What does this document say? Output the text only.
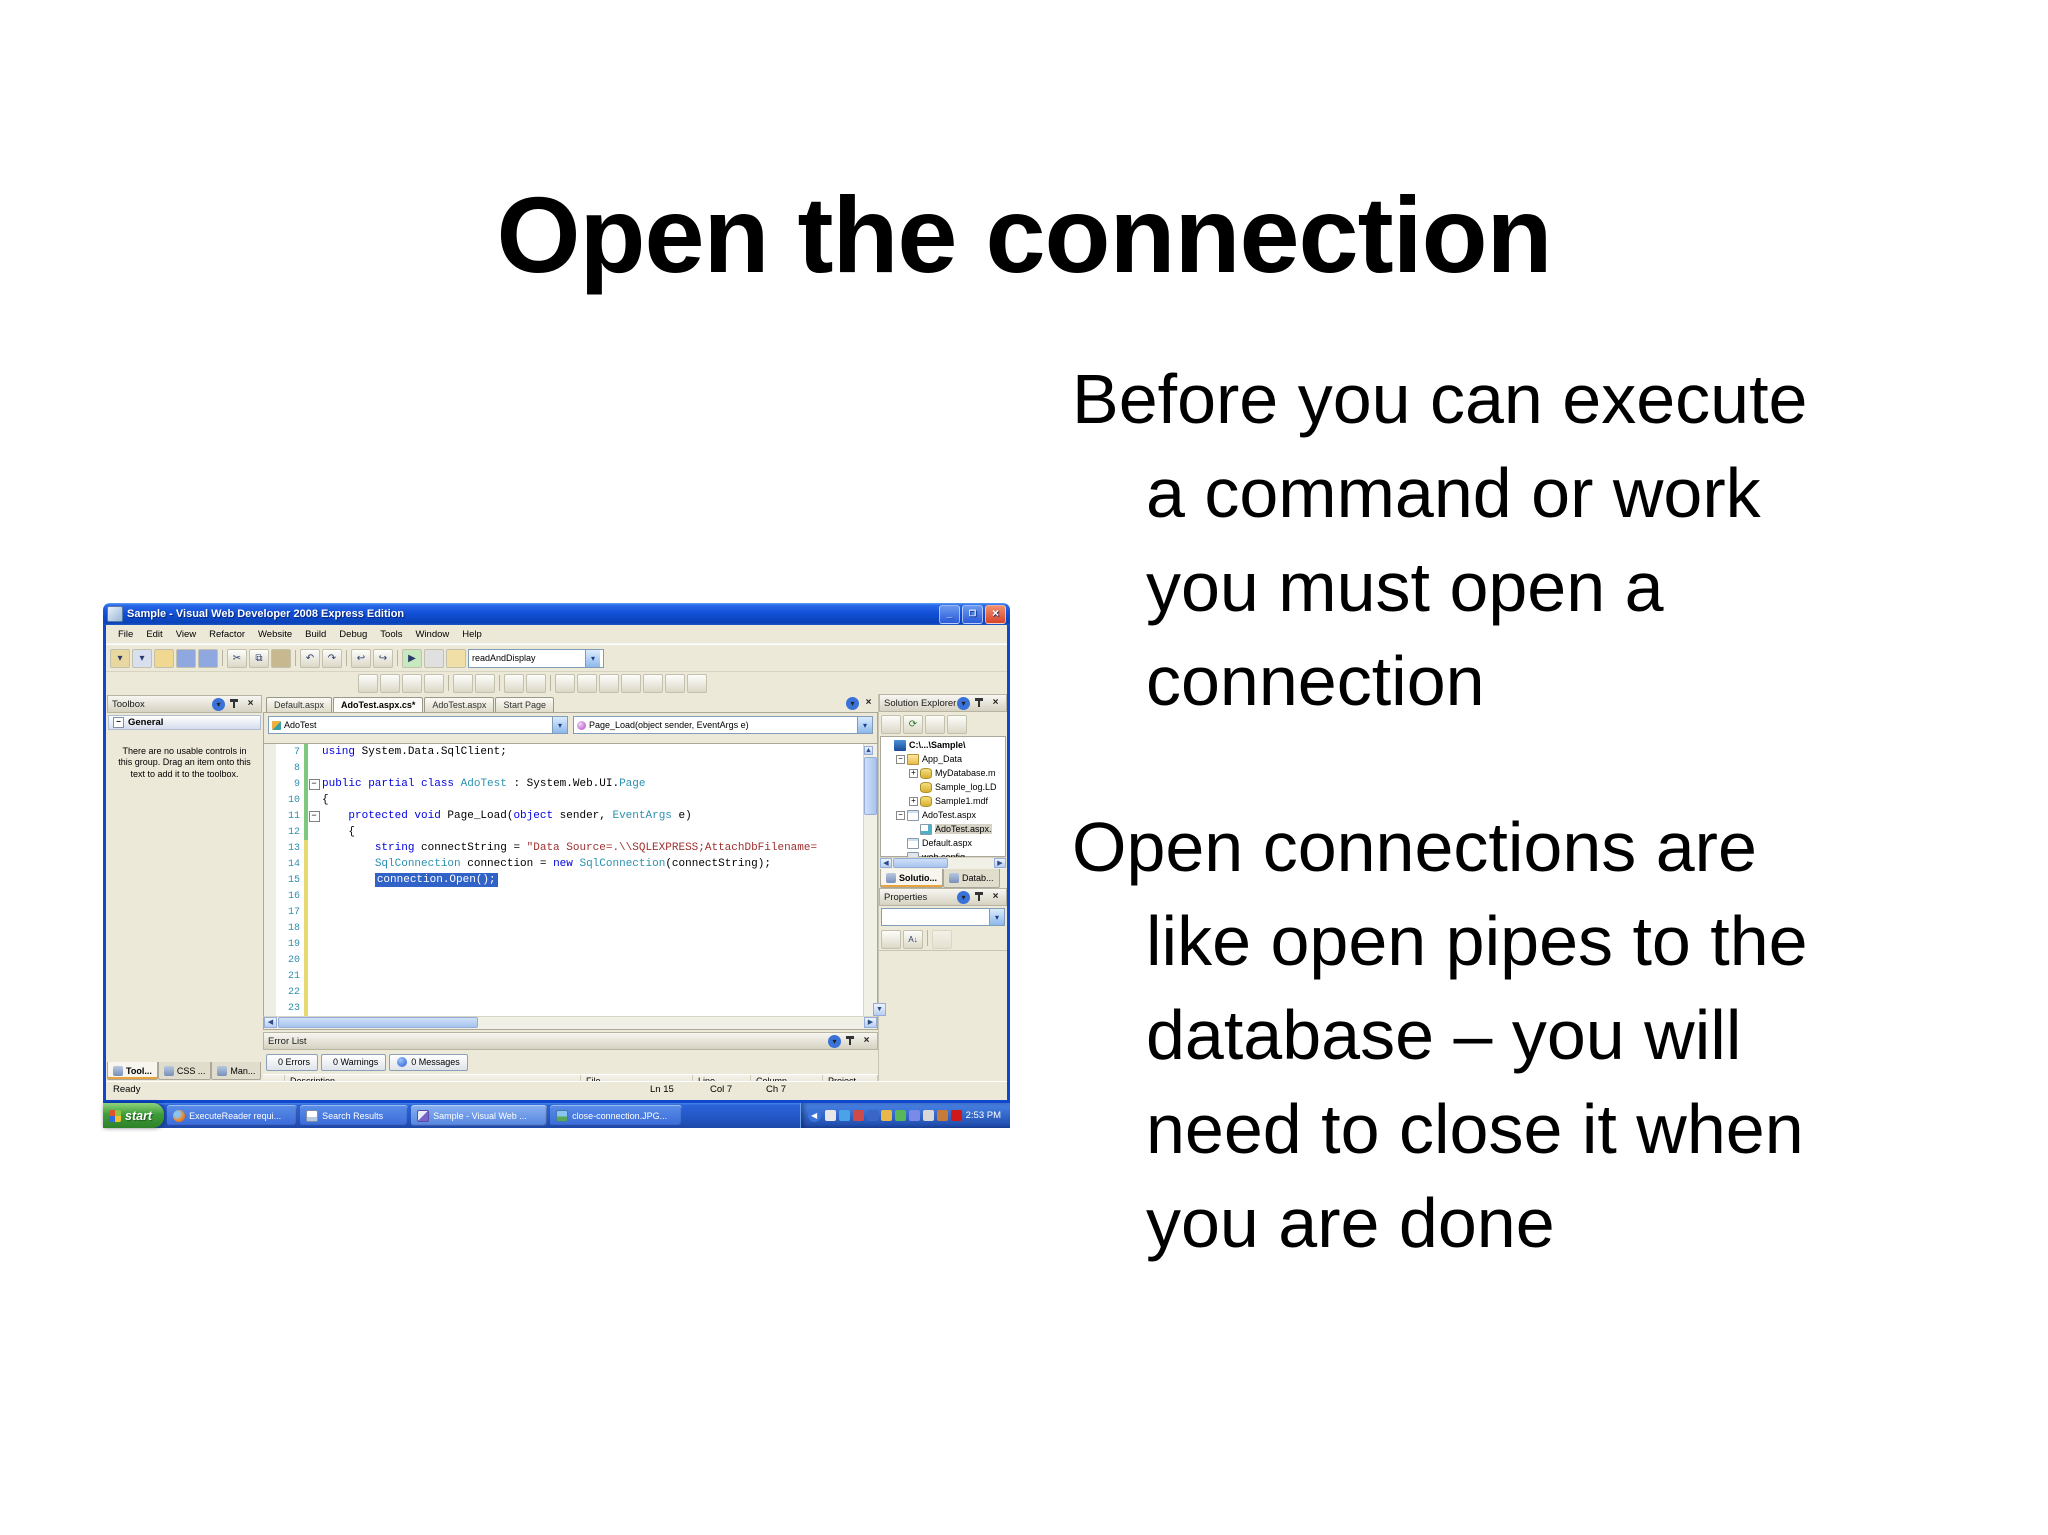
Open the connection
Before you can execute
a command or work
you must open a
connection
Open connections are
like open pipes to the
database – you will
need to close it when
you are done
Sample - Visual Web Developer 2008 Express Edition
_
❐
×
File	Edit	View	Refactor	Website	Build	Debug	Tools	Window	Help
▾	▾	✂	⧉	↶	↷	↩	↪	▶	readAndDisplay
▾
Toolbox
▾
×
−
General
There are no usable controls in this group. Drag an item onto this text to add it to the toolbox.
Tool...	CSS ...	Man...
Default.aspx	AdoTest.aspx.cs*	AdoTest.aspx	Start Page
▾
×
AdoTest ▾	Page_Load(object sender, EventArgs e)
▾
7	using System.Data.SqlClient;
8
9 −	public partial class AdoTest : System.Web.UI.Page
10	{
11 −	protected void Page_Load(object sender, EventArgs e)
12	{
13	string connectString = "Data Source=.\\SQLEXPRESS;AttachDbFilename=
14	SqlConnection connection = new SqlConnection(connectString);
15	connection.Open();
16
17
18
19
20
21
22
23
▲
▼
◀
▶
Error List
▾
×
0 Errors	0 Warnings	0 Messages
Solution Explorer
▾
×
⟳
C:\...\Sample\
− App_Data
+ MyDatabase.m
Sample_log.LD
+ Sample1.mdf
− AdoTest.aspx
AdoTest.aspx.
Default.aspx
◀
▶
Solutio...	Datab...
Properties
▾
×
▾
A↓
Ready	Ln 15	Col 7	Ch 7
start	ExecuteReader requi...	Search Results	Sample - Visual Web ...	close-connection.JPG... ◀	2:53 PM
